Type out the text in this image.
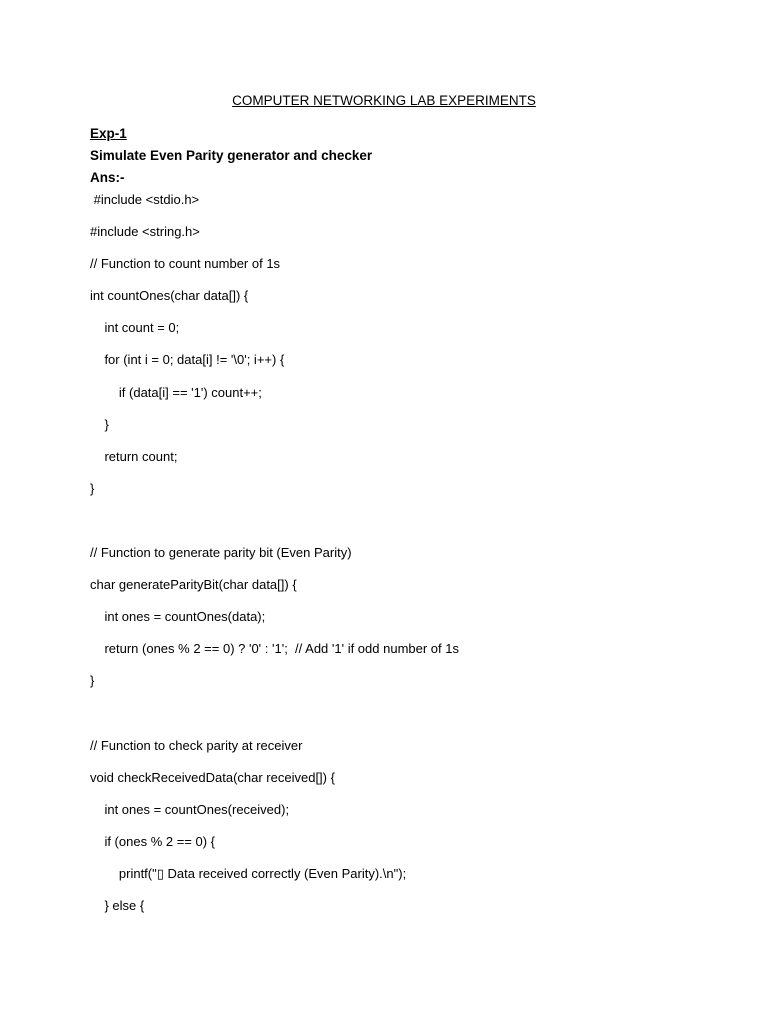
COMPUTER NETWORKING LAB EXPERIMENTS
Exp-1
Simulate Even Parity generator and checker
Ans:-
#include <stdio.h>
#include <string.h>
// Function to count number of 1s
int countOnes(char data[]) {
int count = 0;
for (int i = 0; data[i] != '\0'; i++) {
if (data[i] == '1') count++;
}
return count;
}
// Function to generate parity bit (Even Parity)
char generateParityBit(char data[]) {
int ones = countOnes(data);
return (ones % 2 == 0) ? '0' : '1';  // Add '1' if odd number of 1s
}
// Function to check parity at receiver
void checkReceivedData(char received[]) {
int ones = countOnes(received);
if (ones % 2 == 0) {
printf("▯ Data received correctly (Even Parity).\n");
} else {
